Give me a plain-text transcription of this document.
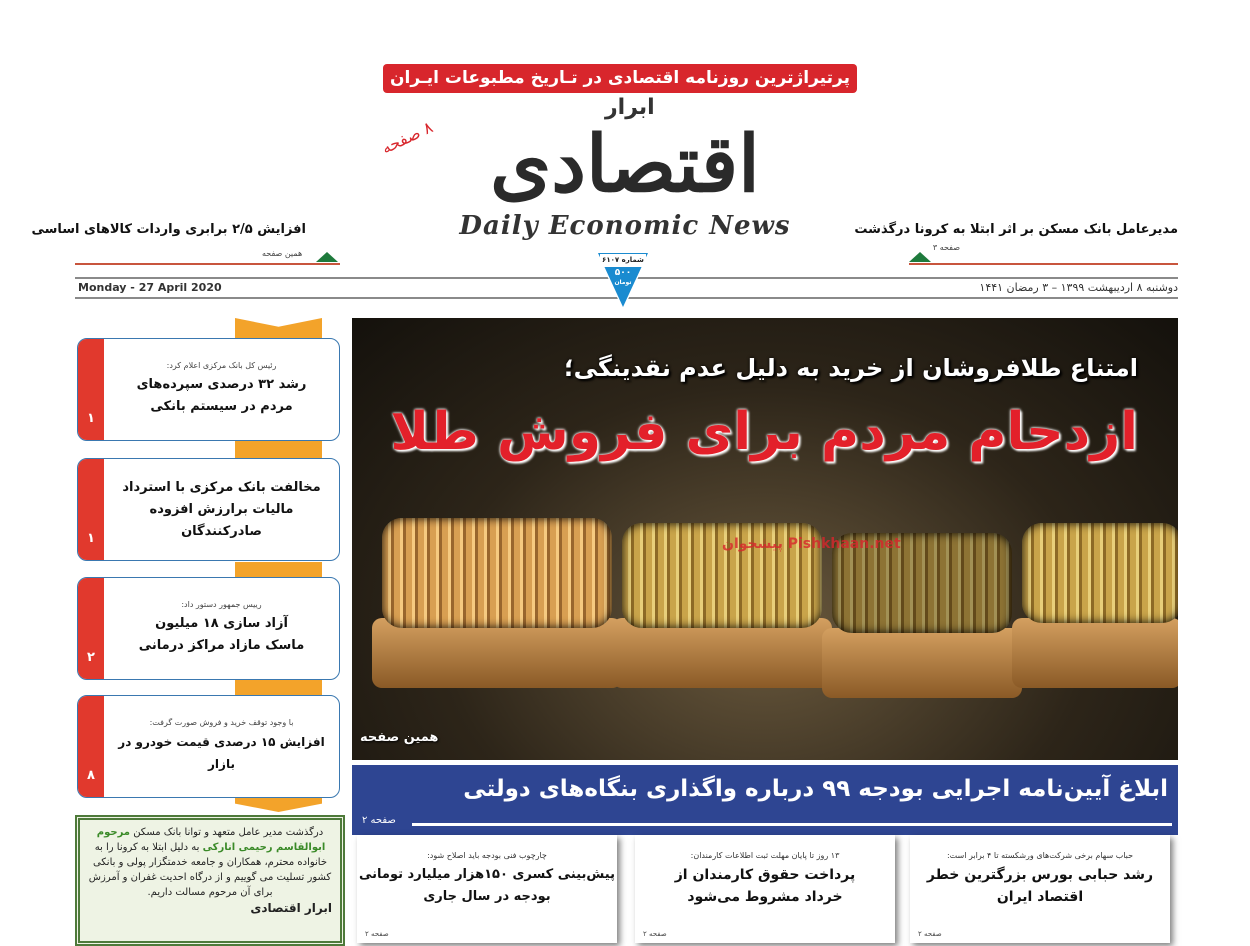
پرتیراژترین روزنامه اقتصادی در تـاریخ مطبوعات ایـران
۸ صفحه
ابرار
اقتصادی
Daily Economic News	مدیرعامل بانک مسکن بر اثر ابتلا به کرونا درگذشت
صفحه ۳
افزایش ۲/۵ برابری واردات کالاهای اساسی
همین صفحه
Monday - 27 April 2020	دوشنبه ۸ اردیبهشت ۱۳۹۹ – ۳ رمضان ۱۴۴۱
شماره ۶۱۰۷
۵۰۰
تومان
امتناع طلافروشان از خرید به دلیل عدم نقدینگی؛
ازدحام مردم برای فروش طلا
پیشخوان Pishkhaan.net
همین صفحه
ابلاغ آیین‌نامه اجرایی بودجه ۹۹ درباره واگذاری بنگاه‌های دولتی
صفحه ۲
حباب سهام برخی شرکت‌های ورشکسته تا ۴ برابر است:
رشد حبابی بورس بزرگترین خطر اقتصاد ایران
صفحه ۲
۱۳ روز تا پایان مهلت ثبت اطلاعات کارمندان:
پرداخت حقوق کارمندان از خرداد مشروط می‌شود
صفحه ۲
چارچوب فنی بودجه باید اصلاح شود:
پیش‌بینی کسری ۱۵۰هزار میلیارد تومانی بودجه در سال جاری
صفحه ۲
۱
رئیس کل بانک مرکزی اعلام کرد:
رشد ۳۲ درصدی سپرده‌های مردم در سیستم بانکی
۱
مخالفت بانک مرکزی با استرداد مالیات برارزش افزوده صادرکنندگان
۲
رییس جمهور دستور داد:
آزاد سازی ۱۸ میلیون ماسک مازاد مراکز درمانی
۸
با وجود توقف خرید و فروش صورت گرفت:
افزایش ۱۵ درصدی قیمت خودرو در بازار
درگذشت مدیر عامل متعهد و توانا بانک مسکن مرحوم ابوالقاسم رحیمی انارکی به دلیل ابتلا به کرونا را به خانواده محترم، همکاران و جامعه خدمتگزار پولی و بانکی کشور تسلیت می گوییم و از درگاه احدیت غفران و آمرزش برای آن مرحوم مسالت داریم.
ابرار اقتصادی
